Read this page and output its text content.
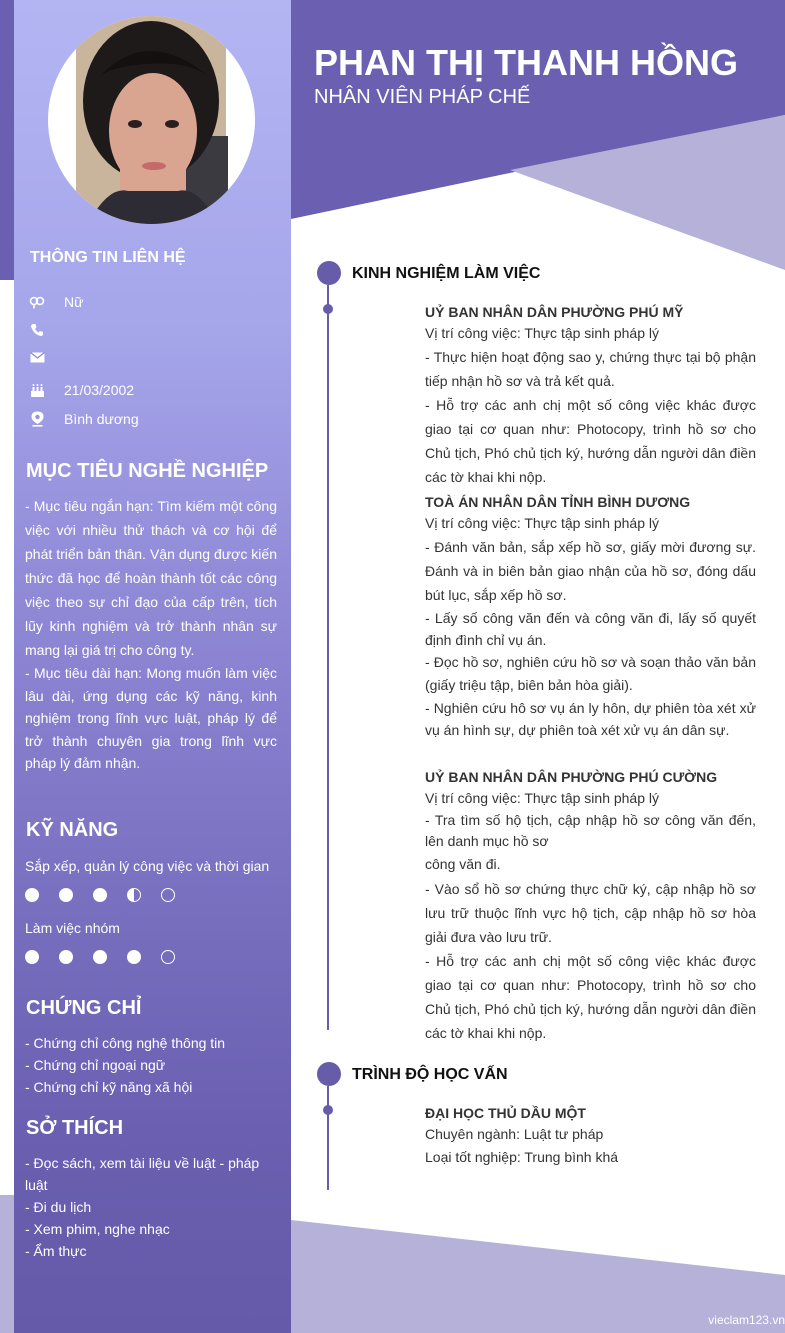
THÔNG TIN LIÊN HỆ
Nữ
21/03/2002
Bình dương
MỤC TIÊU NGHỀ NGHIỆP

- Mục tiêu ngắn hạn: Tìm kiếm một công việc với nhiều thử thách và cơ hội để phát triển bản thân. Vận dụng được kiến thức đã học để hoàn thành tốt các công việc theo sự chỉ đạo của cấp trên, tích lũy kinh nghiệm và trở thành nhân sự mang lại giá trị cho công ty.

- Mục tiêu dài hạn: Mong muốn làm việc lâu dài, ứng dụng các kỹ năng, kinh nghiệm trong lĩnh vực luật, pháp lý để trở thành chuyên gia trong lĩnh vực pháp lý đảm nhận.

KỸ NĂNG
Sắp xếp, quản lý công việc và thời gian
Làm việc nhóm
CHỨNG CHỈ
- Chứng chỉ công nghệ thông tin
- Chứng chỉ ngoại ngữ
- Chứng chỉ kỹ năng xã hội
SỞ THÍCH
- Đọc sách, xem tài liệu về luật - pháp luật
- Đi du lịch
- Xem phim, nghe nhạc
- Ẩm thực
PHAN THỊ THANH HỒNG
NHÂN VIÊN PHÁP CHẾ
KINH NGHIỆM LÀM VIỆC
UỶ BAN NHÂN DÂN PHƯỜNG PHÚ MỸ
Vị trí công việc: Thực tập sinh pháp lý

- Thực hiện hoạt động sao y, chứng thực tại bộ phận tiếp nhận hồ sơ và trả kết quả.

- Hỗ trợ các anh chị một số công việc khác được giao tại cơ quan như: Photocopy, trình hồ sơ cho Chủ tịch, Phó chủ tịch ký, hướng dẫn người dân điền các tờ khai khi nộp.

TOÀ ÁN NHÂN DÂN TỈNH BÌNH DƯƠNG
Vị trí công việc: Thực tập sinh pháp lý

- Đánh văn bản, sắp xếp hồ sơ, giấy mời đương sự. Đánh và in biên bản giao nhận của hồ sơ, đóng dấu bút lục, sắp xếp hồ sơ.

- Lấy số công văn đến và công văn đi, lấy số quyết định đình chỉ vụ án.

- Đọc hồ sơ, nghiên cứu hồ sơ và soạn thảo văn bản (giấy triệu tập, biên bản hòa giải).

- Nghiên cứu hô sơ vụ án ly hôn, dự phiên tòa xét xử vụ án hình sự, dự phiên toà xét xử vụ án dân sự.

UỶ BAN NHÂN DÂN PHƯỜNG PHÚ CƯỜNG
Vị trí công việc: Thực tập sinh pháp lý

- Tra tìm số hộ tịch, cập nhập hồ sơ công văn đến, lên danh mục hồ sơ

công văn đi.

- Vào sổ hồ sơ chứng thực chữ ký, cập nhập hồ sơ lưu trữ thuộc lĩnh vực hộ tịch, cập nhập hồ sơ hòa giải đưa vào lưu trữ.

- Hỗ trợ các anh chị một số công việc khác được giao tại cơ quan như: Photocopy, trình hồ sơ cho Chủ tịch, Phó chủ tịch ký, hướng dẫn người dân điền các tờ khai khi nộp.

TRÌNH ĐỘ HỌC VẤN
ĐẠI HỌC THỦ DẦU MỘT
Chuyên ngành: Luật tư pháp
Loại tốt nghiệp: Trung bình khá
vieclam123.vn
